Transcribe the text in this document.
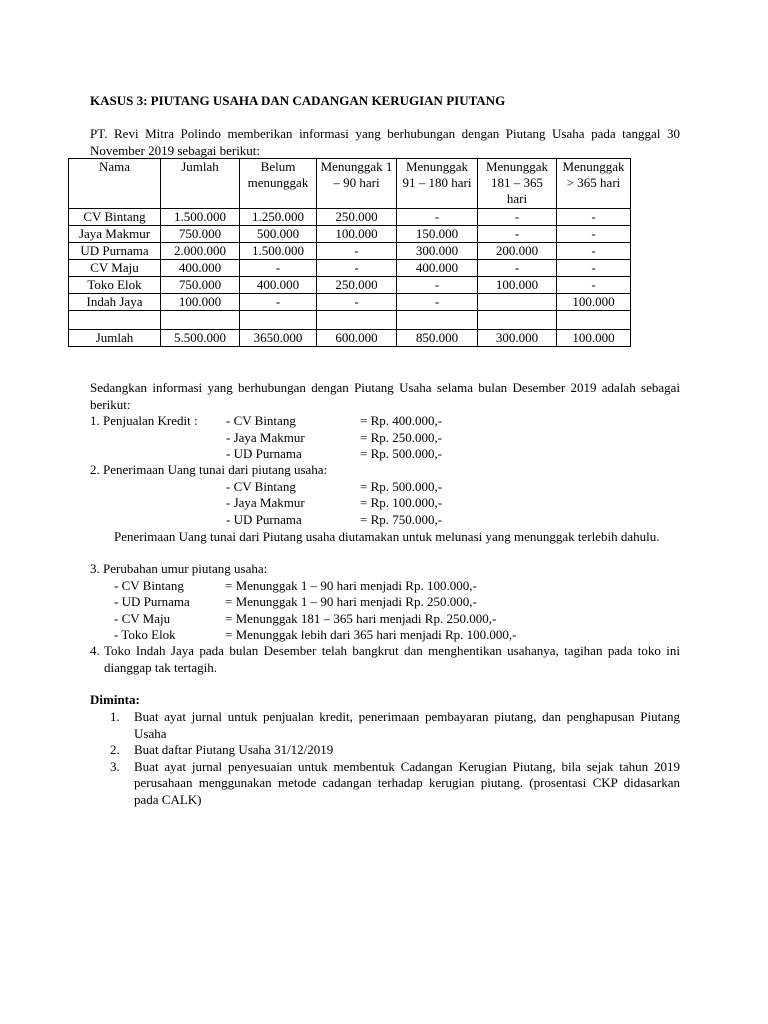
KASUS 3: PIUTANG USAHA DAN CADANGAN KERUGIAN PIUTANG
PT. Revi Mitra Polindo memberikan informasi yang berhubungan dengan Piutang Usaha pada tanggal 30 November 2019 sebagai berikut:
Nama	Jumlah	Belum menunggak	Menunggak 1 – 90 hari	Menunggak 91 – 180 hari	Menunggak 181 – 365 hari	Menunggak > 365 hari
CV Bintang	1.500.000	1.250.000	250.000	-	-	-
Jaya Makmur	750.000	500.000	100.000	150.000	-	-
UD Purnama	2.000.000	1.500.000	-	300.000	200.000	-
CV Maju	400.000	-	-	400.000	-	-
Toko Elok	750.000	400.000	250.000	-	100.000	-
Indah Jaya	100.000	-	-	-		100.000

Jumlah	5.500.000	3650.000	600.000	850.000	300.000	100.000
Sedangkan informasi yang berhubungan dengan Piutang Usaha selama bulan Desember 2019 adalah sebagai berikut:
1. Penjualan Kredit : - CV Bintang	= Rp. 400.000,-
- Jaya Makmur	= Rp. 250.000,-
- UD Purnama	= Rp. 500.000,-
2. Penerimaan Uang tunai dari piutang usaha:
- CV Bintang	= Rp. 500.000,-
- Jaya Makmur	= Rp. 100.000,-
- UD Purnama	= Rp. 750.000,-
Penerimaan Uang tunai dari Piutang usaha diutamakan untuk melunasi yang menunggak terlebih dahulu.
3. Perubahan umur piutang usaha:
- CV Bintang	= Menunggak 1 – 90 hari menjadi Rp. 100.000,-
- UD Purnama	= Menunggak 1 – 90 hari menjadi Rp. 250.000,-
- CV Maju	= Menunggak 181 – 365 hari menjadi Rp. 250.000,-
- Toko Elok	= Menunggak lebih dari 365 hari menjadi Rp. 100.000,-
4. Toko Indah Jaya pada bulan Desember telah bangkrut dan menghentikan usahanya, tagihan pada toko ini dianggap tak tertagih.
Diminta:
1. Buat ayat jurnal untuk penjualan kredit, penerimaan pembayaran piutang, dan penghapusan Piutang Usaha
2. Buat daftar Piutang Usaha 31/12/2019
3. Buat ayat jurnal penyesuaian untuk membentuk Cadangan Kerugian Piutang, bila sejak tahun 2019 perusahaan menggunakan metode cadangan terhadap kerugian piutang. (prosentasi CKP didasarkan pada CALK)
